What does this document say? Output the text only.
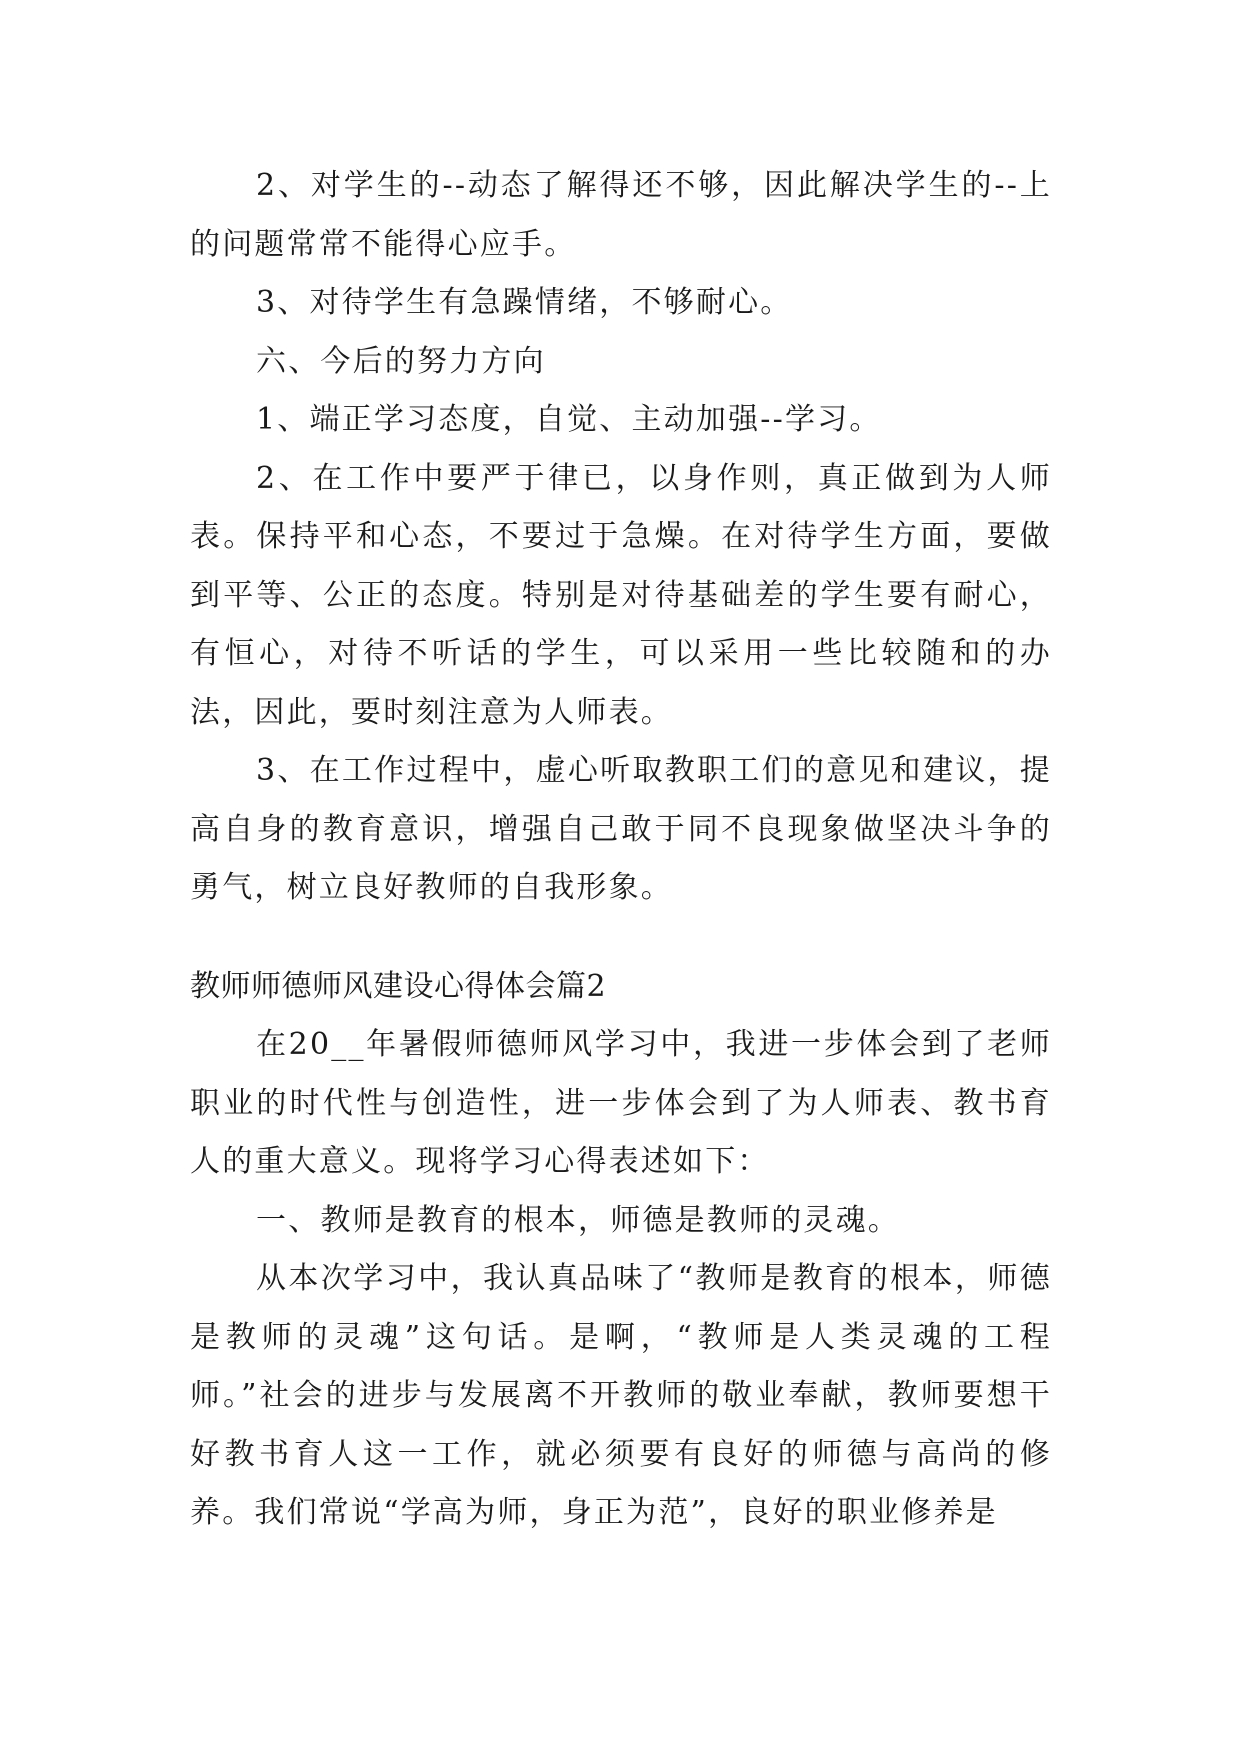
2、对学生的--动态了解得还不够，因此解决学生的--上的问题常常不能得心应手。

3、对待学生有急躁情绪，不够耐心。

六、今后的努力方向

1、端正学习态度，自觉、主动加强--学习。

2、在工作中要严于律已，以身作则，真正做到为人师表。保持平和心态，不要过于急燥。在对待学生方面，要做到平等、公正的态度。特别是对待基础差的学生要有耐心，有恒心，对待不听话的学生，可以采用一些比较随和的办法，因此，要时刻注意为人师表。

3、在工作过程中，虚心听取教职工们的意见和建议，提高自身的教育意识，增强自己敢于同不良现象做坚决斗争的勇气，树立良好教师的自我形象。

教师师德师风建设心得体会篇2

在20__年暑假师德师风学习中，我进一步体会到了老师职业的时代性与创造性，进一步体会到了为人师表、教书育人的重大意义。现将学习心得表述如下：

一、教师是教育的根本，师德是教师的灵魂。

从本次学习中，我认真品味了“教师是教育的根本，师德是教师的灵魂”这句话。是啊，“教师是人类灵魂的工程师。”社会的进步与发展离不开教师的敬业奉献，教师要想干好教书育人这一工作，就必须要有良好的师德与高尚的修养。我们常说“学高为师，身正为范”，良好的职业修养是
